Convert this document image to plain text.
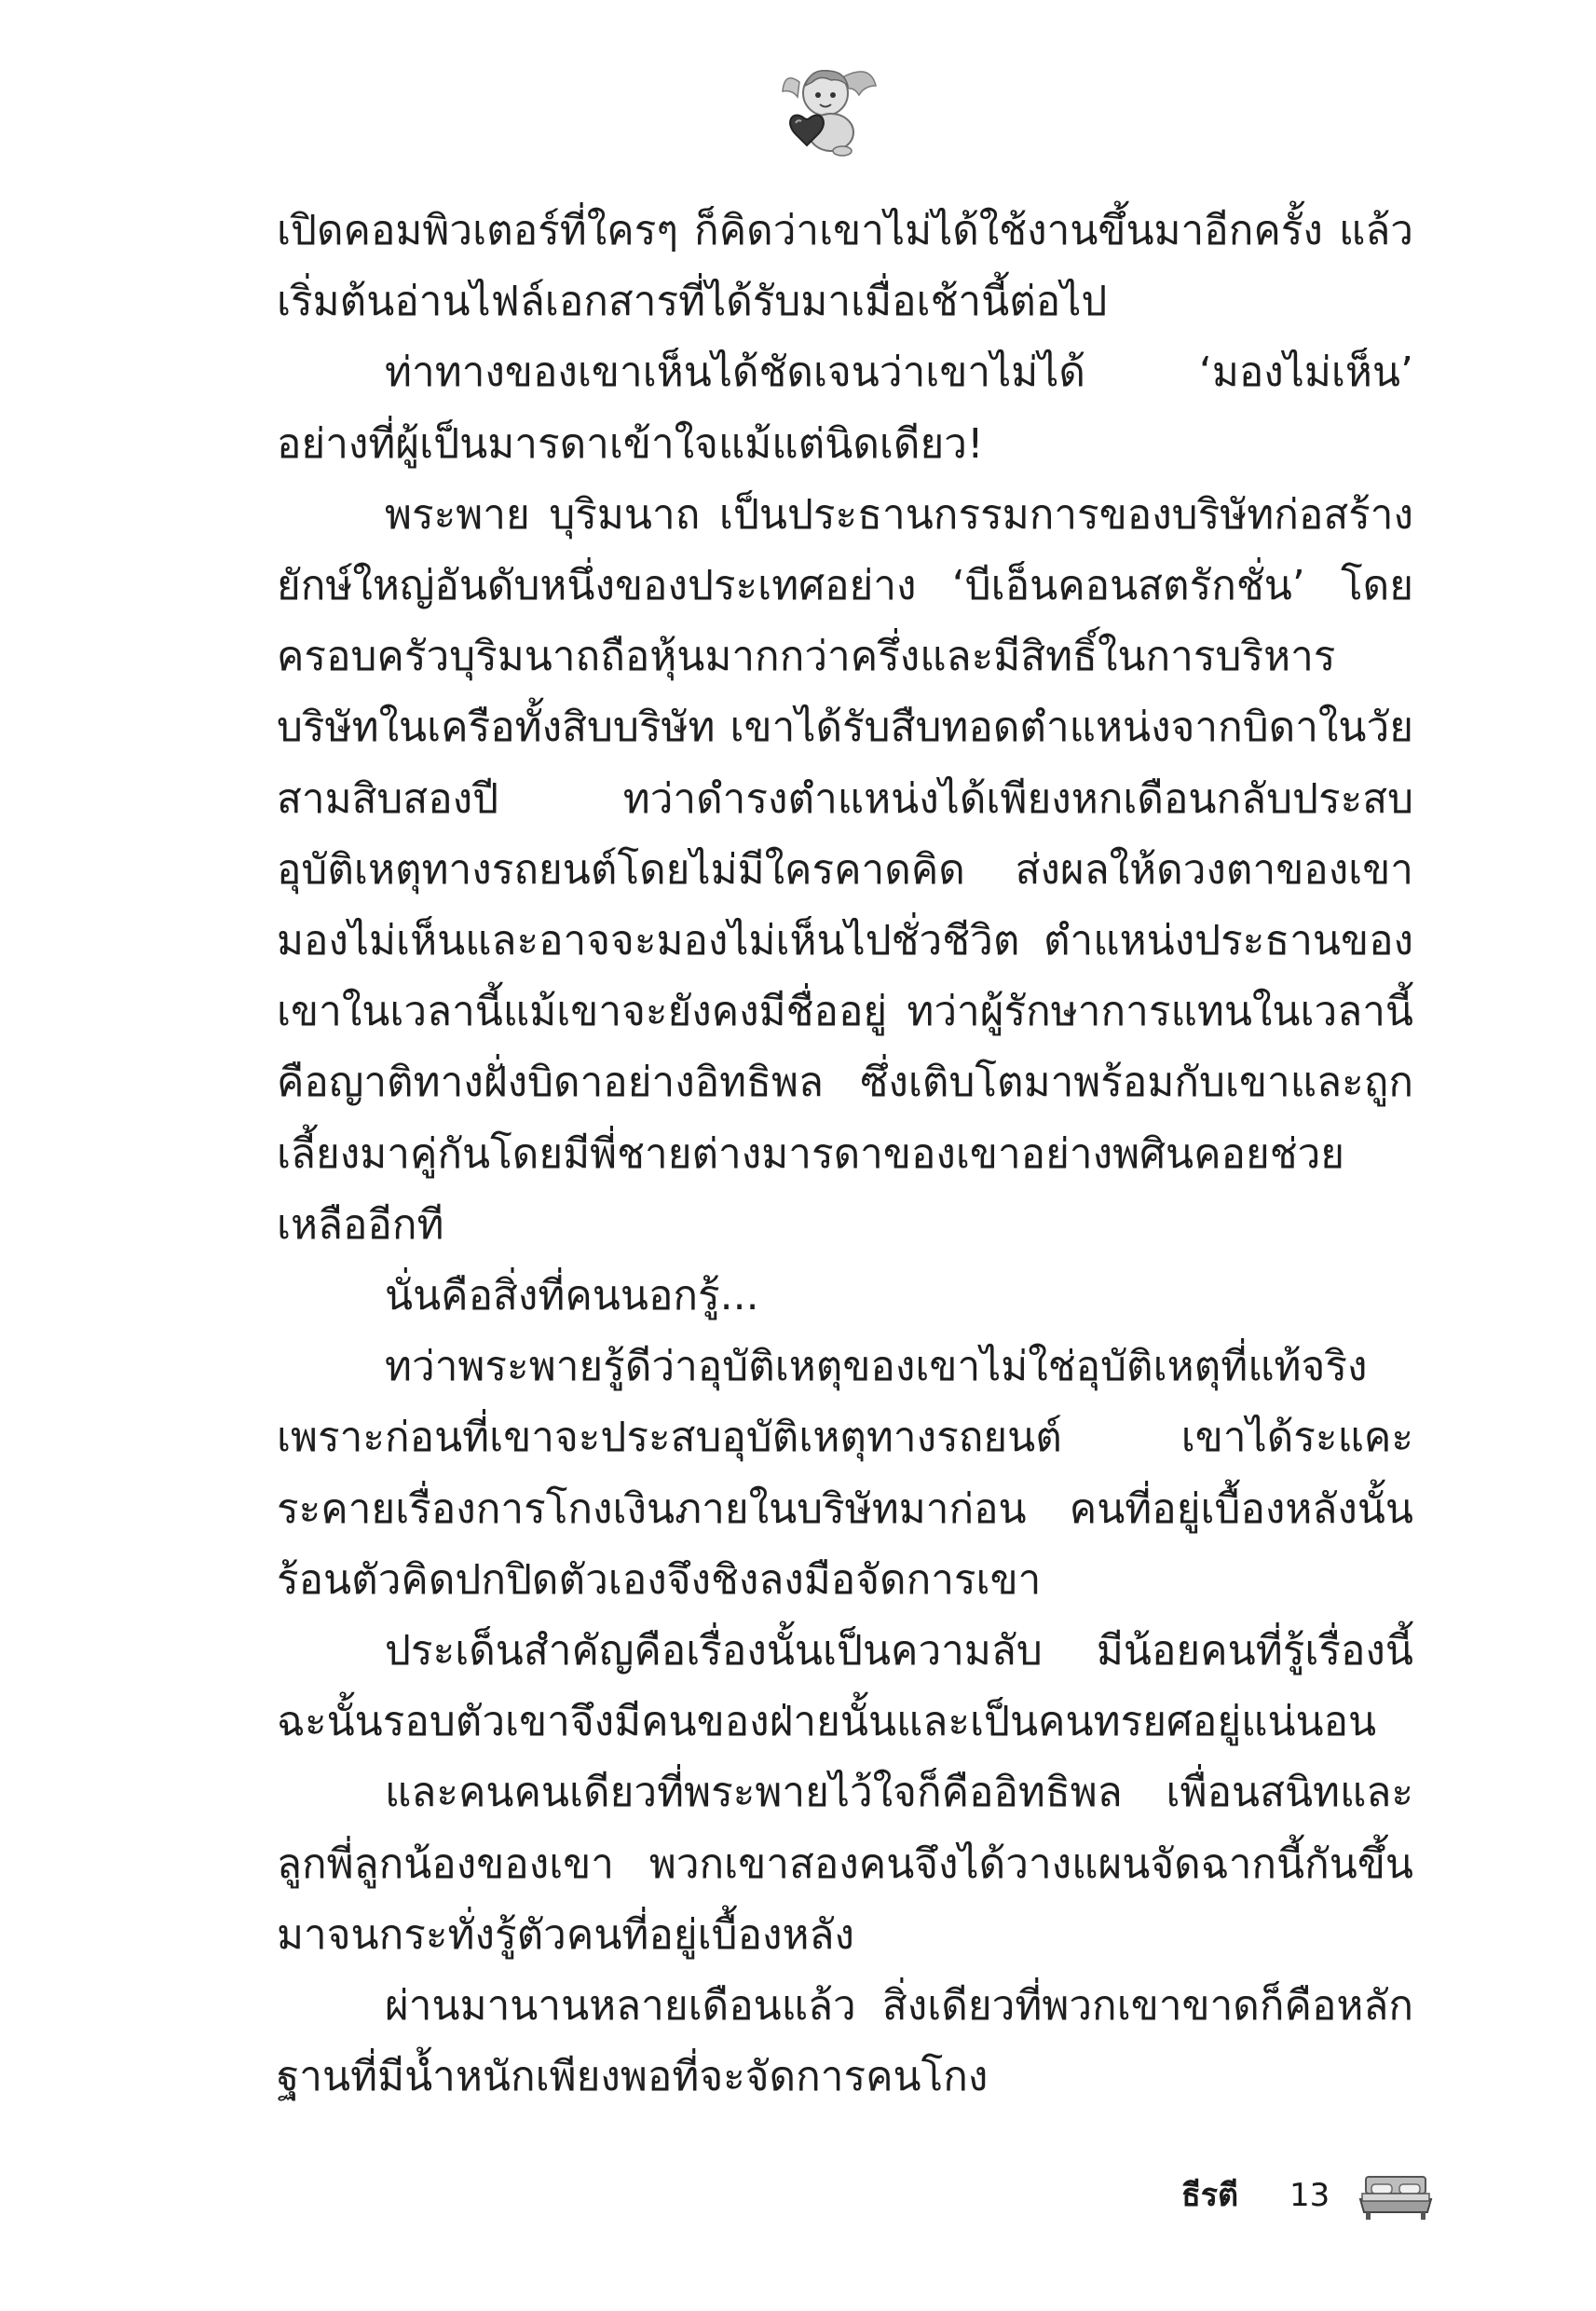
เปิดคอมพิวเตอร์ที่ใครๆ ก็คิดว่าเขาไม่ได้ใช้งานขึ้นมาอีกครั้ง แล้วเริ่มต้นอ่านไฟล์เอกสารที่ได้รับมาเมื่อเช้านี้ต่อไป

ท่าทางของเขาเห็นได้ชัดเจนว่าเขาไม่ได้ ‘มองไม่เห็น’ อย่างที่ผู้เป็นมารดาเข้าใจแม้แต่นิดเดียว!

พระพาย บุริมนาถ เป็นประธานกรรมการของบริษัทก่อสร้างยักษ์ใหญ่อันดับหนึ่งของประเทศอย่าง ‘บีเอ็นคอนสตรักชั่น’ โดยครอบครัวบุริมนาถถือหุ้นมากกว่าครึ่งและมีสิทธิ์ในการบริหารบริษัทในเครือทั้งสิบบริษัท เขาได้รับสืบทอดตำแหน่งจากบิดาในวัยสามสิบสองปี ทว่าดำรงตำแหน่งได้เพียงหกเดือนกลับประสบอุบัติเหตุทางรถยนต์โดยไม่มีใครคาดคิด ส่งผลให้ดวงตาของเขามองไม่เห็นและอาจจะมองไม่เห็นไปชั่วชีวิต ตำแหน่งประธานของเขาในเวลานี้แม้เขาจะยังคงมีชื่ออยู่ ทว่าผู้รักษาการแทนในเวลานี้คือญาติทางฝั่งบิดาอย่างอิทธิพล ซึ่งเติบโตมาพร้อมกับเขาและถูกเลี้ยงมาคู่กันโดยมีพี่ชายต่างมารดาของเขาอย่างพศินคอยช่วยเหลืออีกที

นั่นคือสิ่งที่คนนอกรู้...

ทว่าพระพายรู้ดีว่าอุบัติเหตุของเขาไม่ใช่อุบัติเหตุที่แท้จริง เพราะก่อนที่เขาจะประสบอุบัติเหตุทางรถยนต์ เขาได้ระแคะระคายเรื่องการโกงเงินภายในบริษัทมาก่อน คนที่อยู่เบื้องหลังนั้นร้อนตัวคิดปกปิดตัวเองจึงชิงลงมือจัดการเขา

ประเด็นสำคัญคือเรื่องนั้นเป็นความลับ มีน้อยคนที่รู้เรื่องนี้ ฉะนั้นรอบตัวเขาจึงมีคนของฝ่ายนั้นและเป็นคนทรยศอยู่แน่นอน

และคนคนเดียวที่พระพายไว้ใจก็คืออิทธิพล เพื่อนสนิทและลูกพี่ลูกน้องของเขา พวกเขาสองคนจึงได้วางแผนจัดฉากนี้กันขึ้นมาจนกระทั่งรู้ตัวคนที่อยู่เบื้องหลัง

ผ่านมานานหลายเดือนแล้ว สิ่งเดียวที่พวกเขาขาดก็คือหลักฐานที่มีน้ำหนักเพียงพอที่จะจัดการคนโกง

ธีรตี 13
